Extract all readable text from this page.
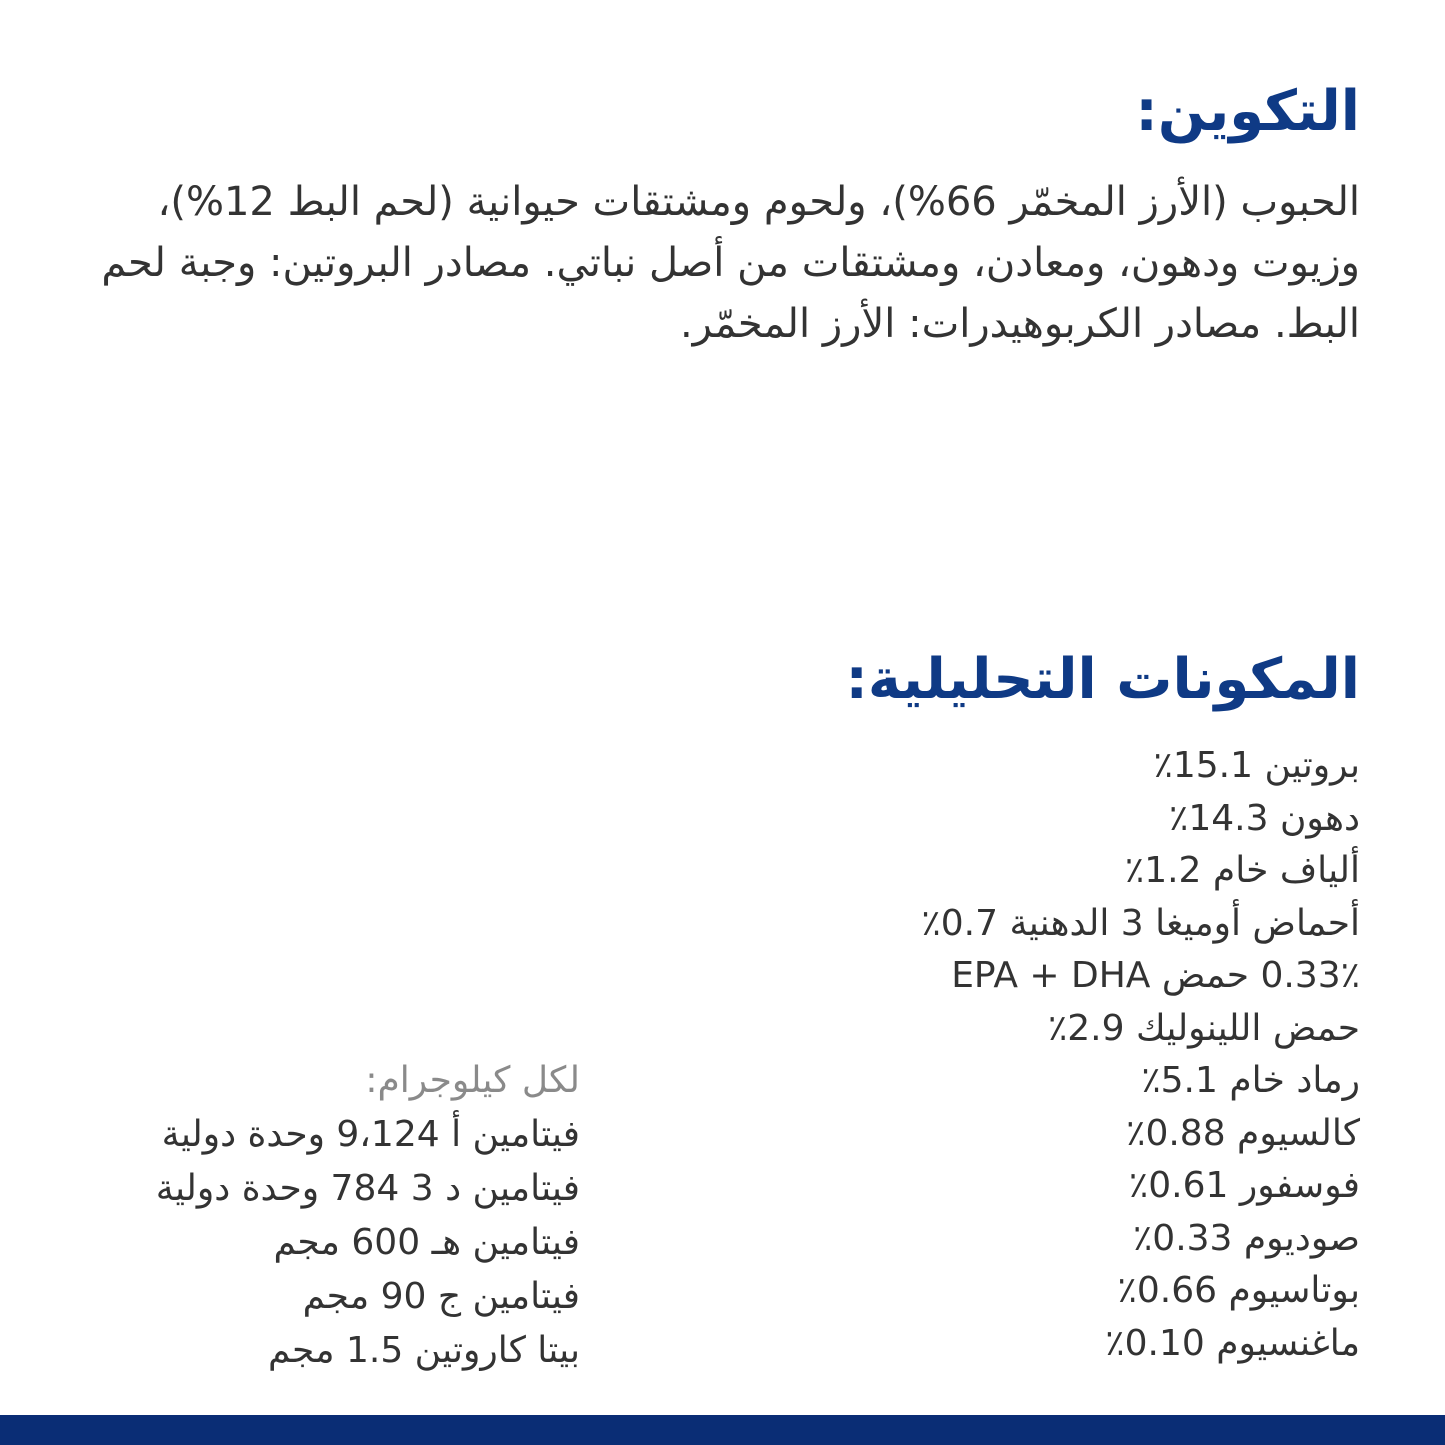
التكوين:

الحبوب (الأرز المخمّر 66%)، ولحوم ومشتقات حيوانية (لحم البط 12%)، وزيوت ودهون، ومعادن، ومشتقات من أصل نباتي. مصادر البروتين: وجبة لحم البط. مصادر الكربوهيدرات: الأرز المخمّر.

المكونات التحليلية:
بروتين 15.1٪
دهون 14.3٪
ألياف خام 1.2٪
أحماض أوميغا 3 الدهنية 0.7٪
0.33٪ حمض EPA + DHA
حمض اللينوليك 2.9٪
رماد خام 5.1٪
كالسيوم 0.88٪
فوسفور 0.61٪
صوديوم 0.33٪
بوتاسيوم 0.66٪
ماغنسيوم 0.10٪

لكل كيلوجرام:

فيتامين أ 9،124 وحدة دولية
فيتامين د 3 784 وحدة دولية
فيتامين هـ 600 مجم
فيتامين ج 90 مجم
بيتا كاروتين 1.5 مجم
